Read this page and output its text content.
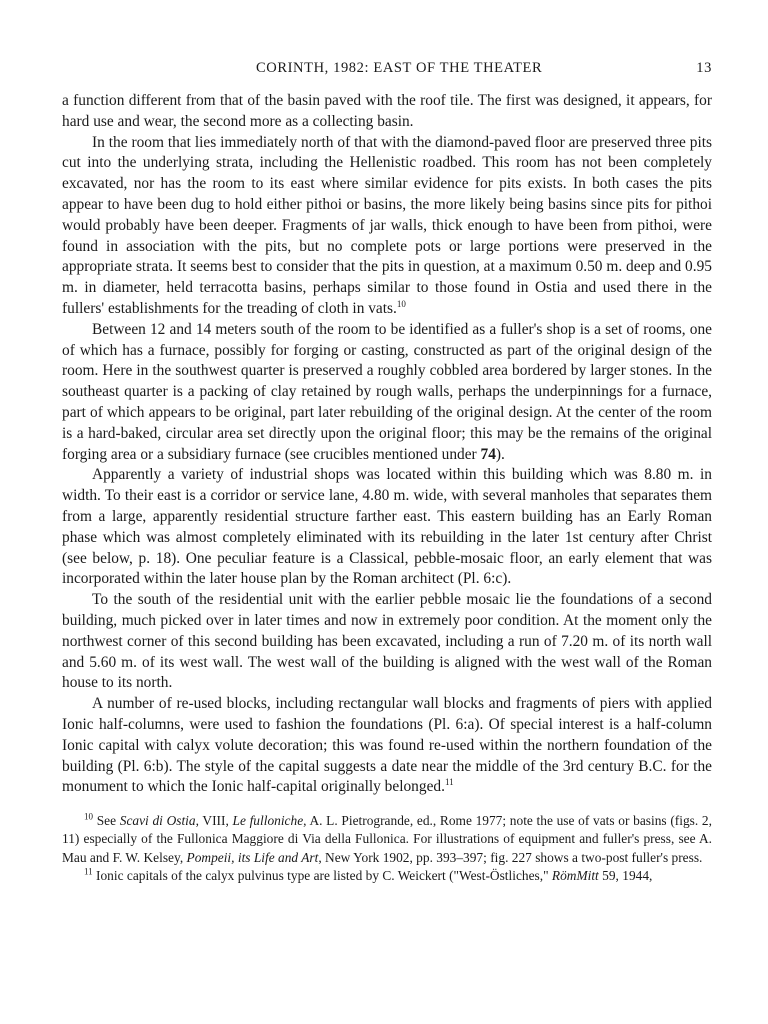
CORINTH, 1982: EAST OF THE THEATER	13

a function different from that of the basin paved with the roof tile. The first was designed, it appears, for hard use and wear, the second more as a collecting basin.

In the room that lies immediately north of that with the diamond-paved floor are preserved three pits cut into the underlying strata, including the Hellenistic roadbed. This room has not been completely excavated, nor has the room to its east where similar evidence for pits exists. In both cases the pits appear to have been dug to hold either pithoi or basins, the more likely being basins since pits for pithoi would probably have been deeper. Fragments of jar walls, thick enough to have been from pithoi, were found in association with the pits, but no complete pots or large portions were preserved in the appropriate strata. It seems best to consider that the pits in question, at a maximum 0.50 m. deep and 0.95 m. in diameter, held terracotta basins, perhaps similar to those found in Ostia and used there in the fullers' establishments for the treading of cloth in vats.$^{10}$

Between 12 and 14 meters south of the room to be identified as a fuller's shop is a set of rooms, one of which has a furnace, possibly for forging or casting, constructed as part of the original design of the room. Here in the southwest quarter is preserved a roughly cobbled area bordered by larger stones. In the southeast quarter is a packing of clay retained by rough walls, perhaps the underpinnings for a furnace, part of which appears to be original, part later rebuilding of the original design. At the center of the room is a hard-baked, circular area set directly upon the original floor; this may be the remains of the original forging area or a subsidiary furnace (see crucibles mentioned under 74).

Apparently a variety of industrial shops was located within this building which was 8.80 m. in width. To their east is a corridor or service lane, 4.80 m. wide, with several manholes that separates them from a large, apparently residential structure farther east. This eastern building has an Early Roman phase which was almost completely eliminated with its rebuilding in the later 1st century after Christ (see below, p. 18). One peculiar feature is a Classical, pebble-mosaic floor, an early element that was incorporated within the later house plan by the Roman architect (Pl. 6:c).

To the south of the residential unit with the earlier pebble mosaic lie the foundations of a second building, much picked over in later times and now in extremely poor condition. At the moment only the northwest corner of this second building has been excavated, including a run of 7.20 m. of its north wall and 5.60 m. of its west wall. The west wall of the building is aligned with the west wall of the Roman house to its north.

A number of re-used blocks, including rectangular wall blocks and fragments of piers with applied Ionic half-columns, were used to fashion the foundations (Pl. 6:a). Of special interest is a half-column Ionic capital with calyx volute decoration; this was found re-used within the northern foundation of the building (Pl. 6:b). The style of the capital suggests a date near the middle of the 3rd century B.C. for the monument to which the Ionic half-capital originally belonged.$^{11}$

$^{10}$ See Scavi di Ostia, VIII, Le fulloniche, A. L. Pietrogrande, ed., Rome 1977; note the use of vats or basins (figs. 2, 11) especially of the Fullonica Maggiore di Via della Fullonica. For illustrations of equipment and fuller's press, see A. Mau and F. W. Kelsey, Pompeii, its Life and Art, New York 1902, pp. 393–397; fig. 227 shows a two-post fuller's press.

$^{11}$ Ionic capitals of the calyx pulvinus type are listed by C. Weickert ("West-Östliches," RömMitt 59, 1944,
